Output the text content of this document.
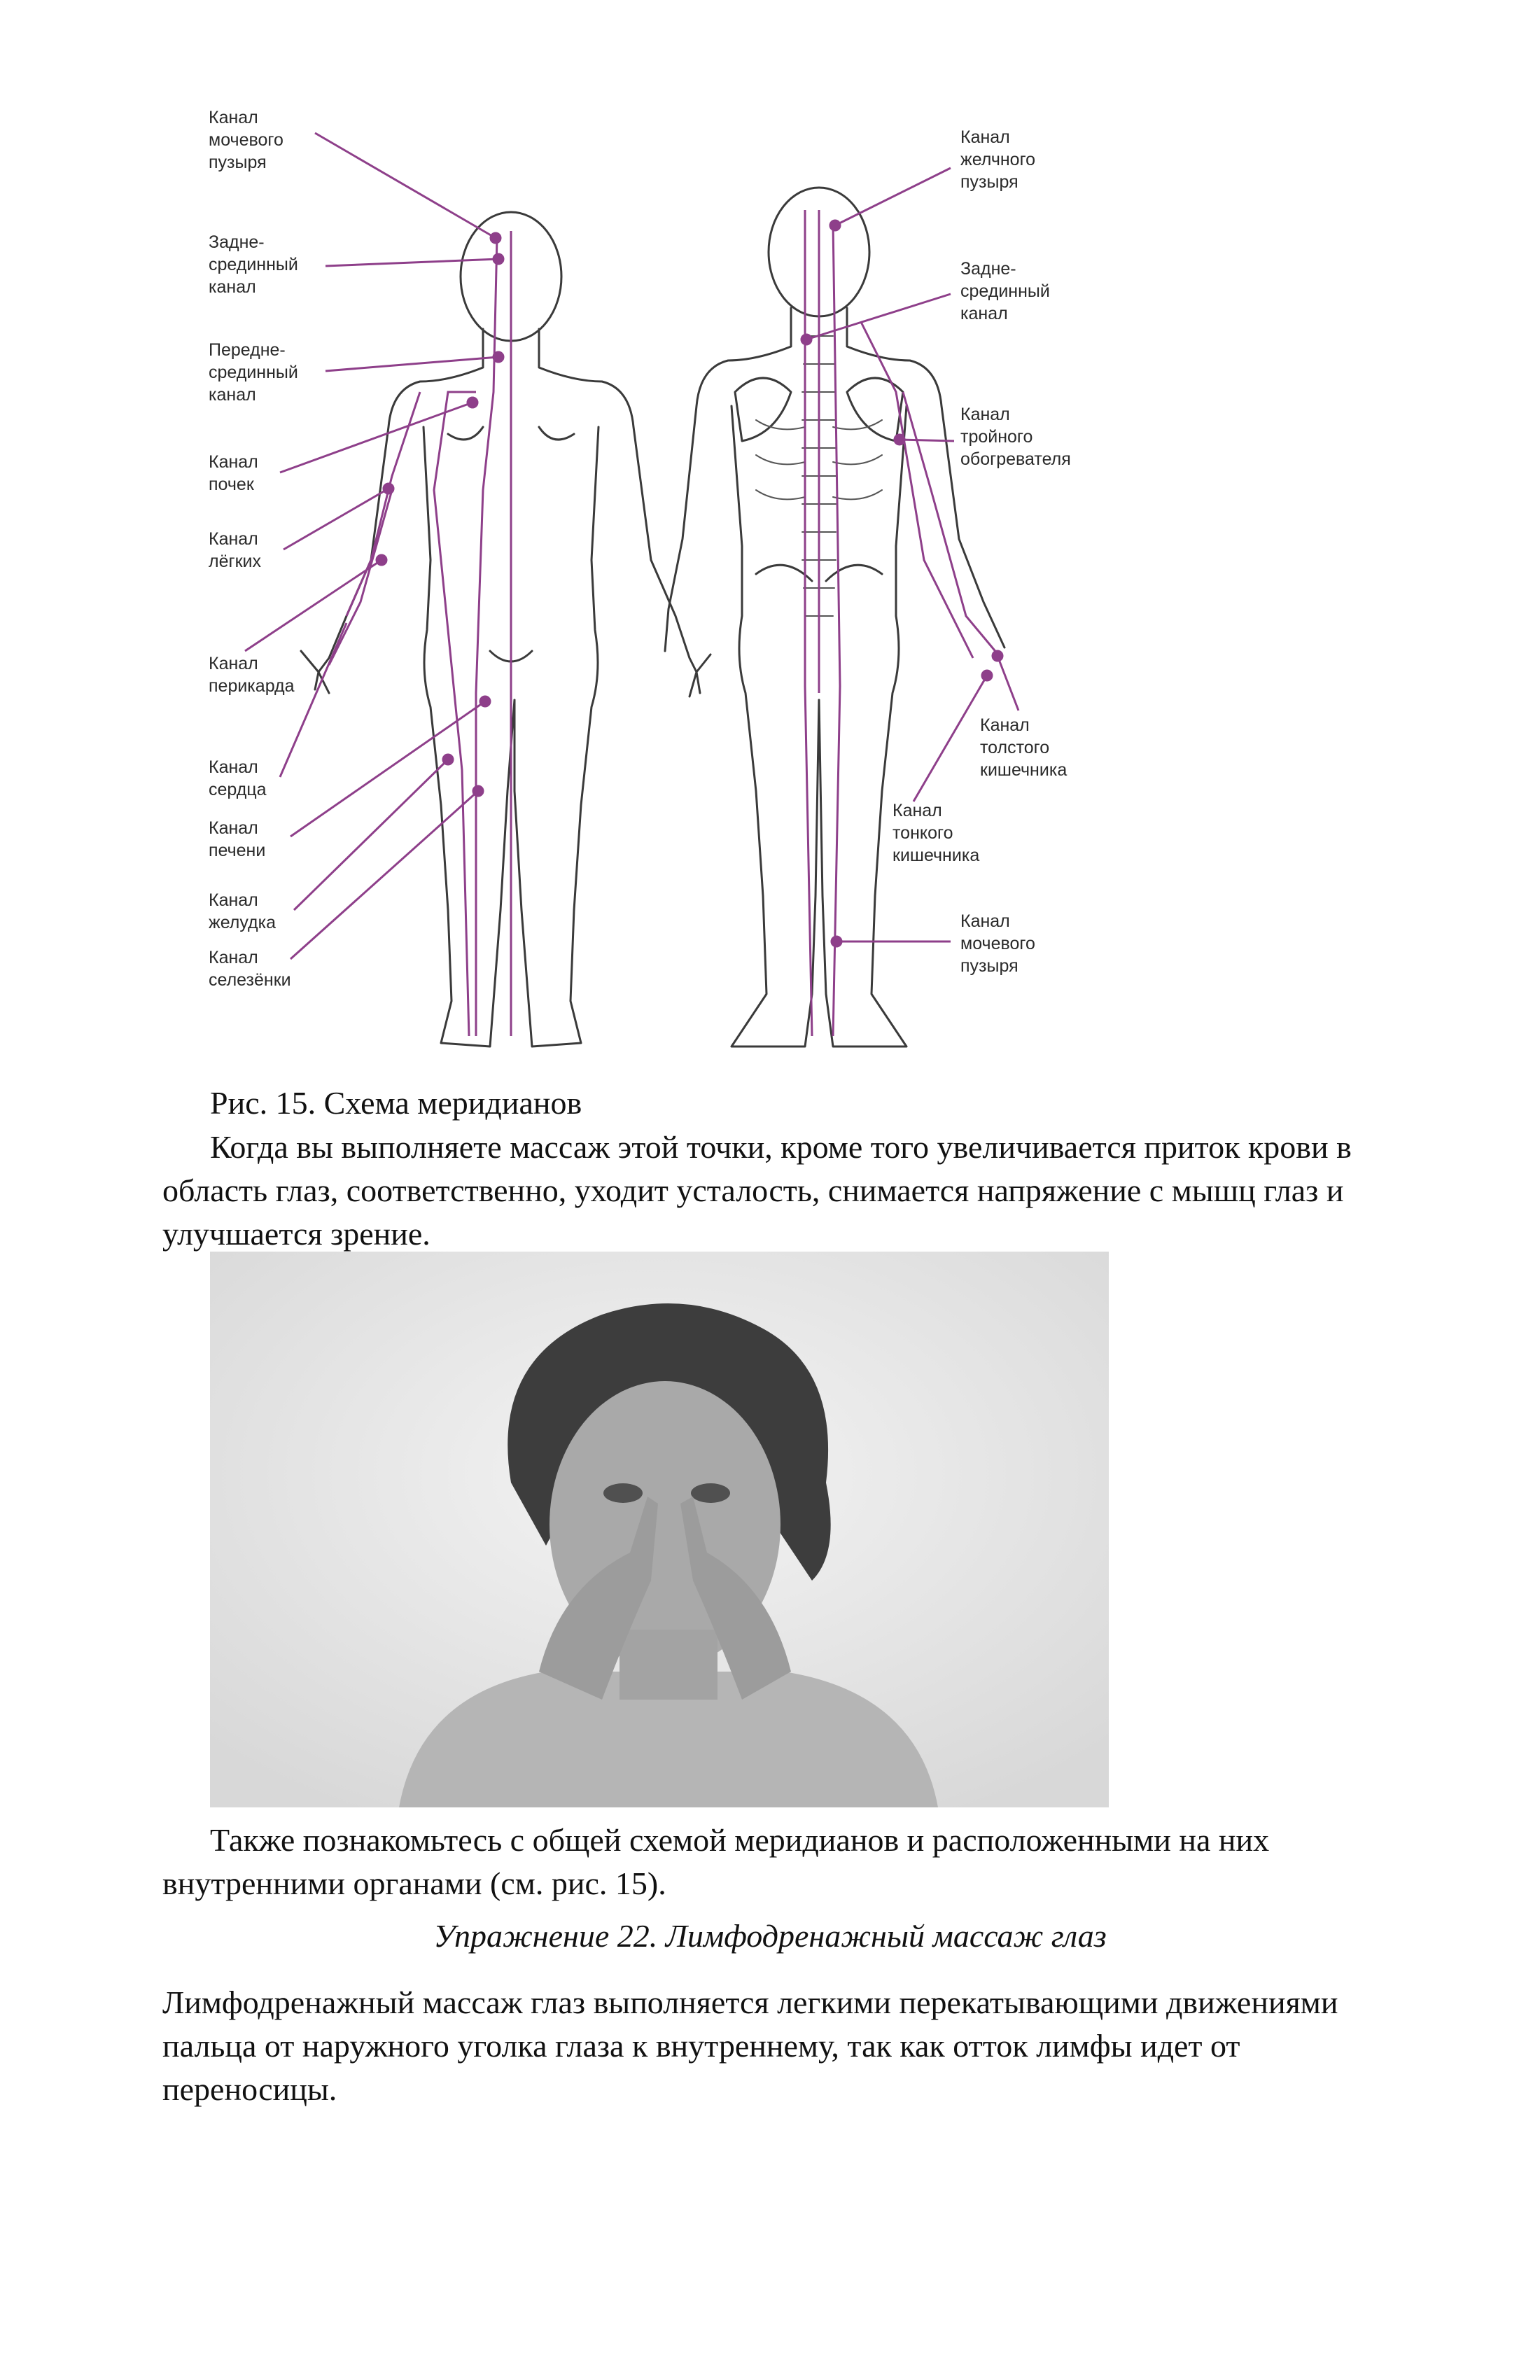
Канал
мочевого
пузыря
Задне-
срединный
канал
Передне-
срединный
канал
Канал
почек
Канал
лёгких
Канал
перикарда
Канал
сердца
Канал
печени
Канал
желудка
Канал
селезёнки
Канал
желчного
пузыря
Задне-
срединный
канал
Канал
тройного
обогревателя
Канал
толстого
кишечника
Канал
тонкого
кишечника
Канал
мочевого
пузыря
Рис. 15. Схема меридианов

Когда вы выполняете массаж этой точки, кроме того увеличивается приток крови в область глаз, соответственно, уходит усталость, снимается напряжение с мышц глаз и улучшается зрение.

Также познакомьтесь с общей схемой меридианов и расположенными на них внутренними органами (см. рис. 15).

Упражнение 22. Лимфодренажный массаж глаз

Лимфодренажный массаж глаз выполняется легкими перекатывающими движениями пальца от наружного уголка глаза к внутреннему, так как отток лимфы идет от переносицы.
